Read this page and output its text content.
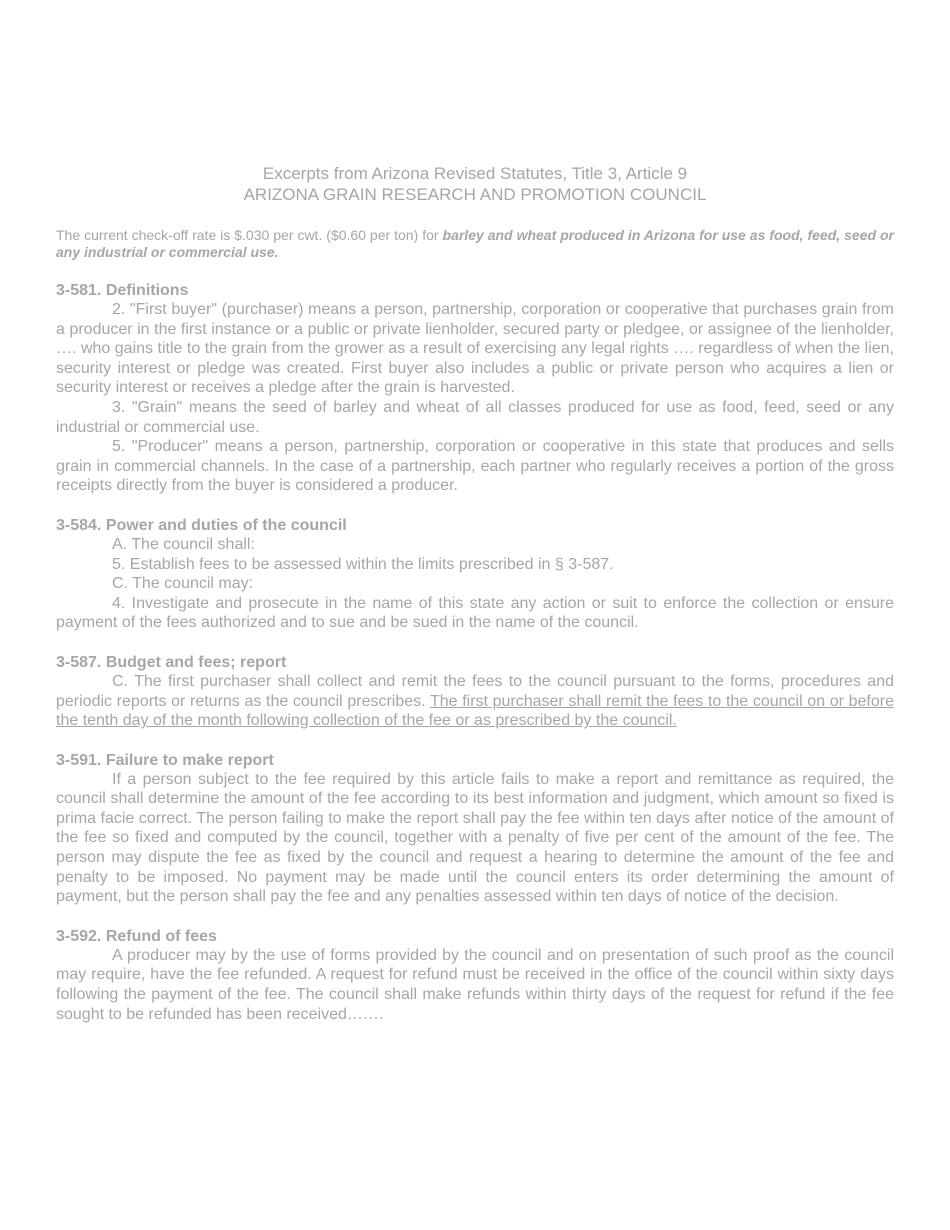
Excerpts from Arizona Revised Statutes, Title 3, Article 9
ARIZONA GRAIN RESEARCH AND PROMOTION COUNCIL
The current check-off rate is $.030 per cwt. ($0.60 per ton) for barley and wheat produced in Arizona for use as food, feed, seed or any industrial or commercial use.
3-581. Definitions

2. "First buyer" (purchaser) means a person, partnership, corporation or cooperative that purchases grain from a producer in the first instance or a public or private lienholder, secured party or pledgee, or assignee of the lienholder, …. who gains title to the grain from the grower as a result of exercising any legal rights …. regardless of when the lien, security interest or pledge was created. First buyer also includes a public or private person who acquires a lien or security interest or receives a pledge after the grain is harvested.

3. "Grain" means the seed of barley and wheat of all classes produced for use as food, feed, seed or any industrial or commercial use.

5. "Producer" means a person, partnership, corporation or cooperative in this state that produces and sells grain in commercial channels. In the case of a partnership, each partner who regularly receives a portion of the gross receipts directly from the buyer is considered a producer.

3-584. Power and duties of the council

A. The council shall:

5. Establish fees to be assessed within the limits prescribed in § 3-587.

C. The council may:

4. Investigate and prosecute in the name of this state any action or suit to enforce the collection or ensure payment of the fees authorized and to sue and be sued in the name of the council.

3-587. Budget and fees; report

C. The first purchaser shall collect and remit the fees to the council pursuant to the forms, procedures and periodic reports or returns as the council prescribes. The first purchaser shall remit the fees to the council on or before the tenth day of the month following collection of the fee or as prescribed by the council.

3-591. Failure to make report

If a person subject to the fee required by this article fails to make a report and remittance as required, the council shall determine the amount of the fee according to its best information and judgment, which amount so fixed is prima facie correct. The person failing to make the report shall pay the fee within ten days after notice of the amount of the fee so fixed and computed by the council, together with a penalty of five per cent of the amount of the fee. The person may dispute the fee as fixed by the council and request a hearing to determine the amount of the fee and penalty to be imposed. No payment may be made until the council enters its order determining the amount of payment, but the person shall pay the fee and any penalties assessed within ten days of notice of the decision.

3-592. Refund of fees

A producer may by the use of forms provided by the council and on presentation of such proof as the council may require, have the fee refunded. A request for refund must be received in the office of the council within sixty days following the payment of the fee. The council shall make refunds within thirty days of the request for refund if the fee sought to be refunded has been received…….
